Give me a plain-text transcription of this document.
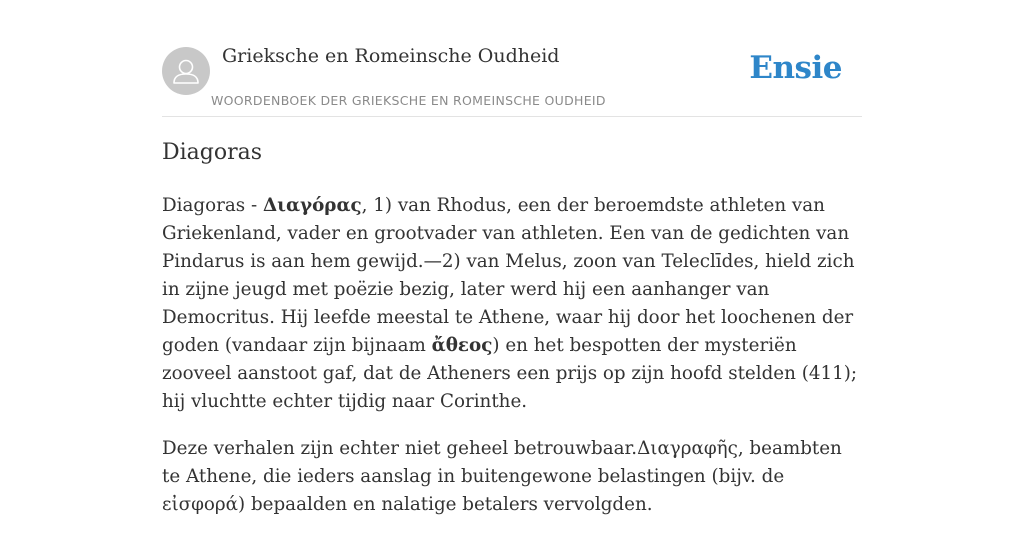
Grieksche en Romeinsche Oudheid
WOORDENBOEK DER GRIEKSCHE EN ROMEINSCHE OUDHEID
Ensie
Diagoras

Diagoras - Διαγόρας, 1) van Rhodus, een der beroemdste athleten van Griekenland, vader en grootvader van athleten. Een van de gedichten van Pindarus is aan hem gewijd.—2) van Melus, zoon van Teleclīdes, hield zich in zijne jeugd met poëzie bezig, later werd hij een aanhanger van Democritus. Hij leefde meestal te Athene, waar hij door het loochenen der goden (vandaar zijn bijnaam ἄθεος) en het bespotten der mysteriën zooveel aanstoot gaf, dat de Atheners een prijs op zijn hoofd stelden (411); hij vluchtte echter tijdig naar Corinthe.

Deze verhalen zijn echter niet geheel betrouwbaar.Διαγραφῆς, beambten te Athene, die ieders aanslag in buitengewone belastingen (bijv. de εἰσφορά) bepaalden en nalatige betalers vervolgden.
